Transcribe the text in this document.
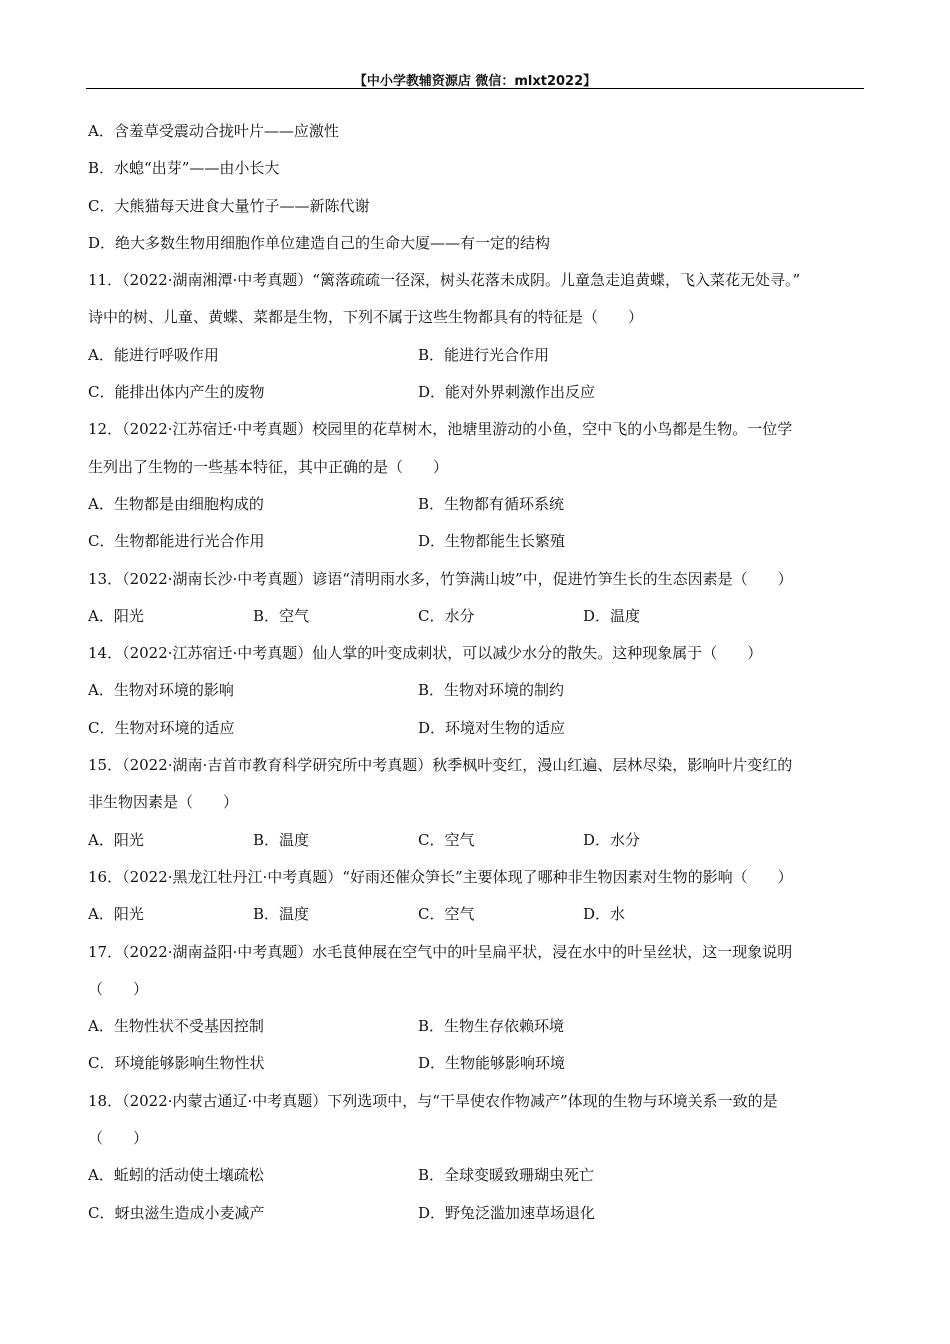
【中小学教辅资源店 微信：mlxt2022】
A．含羞草受震动合拢叶片——应激性
B．水螅“出芽”——由小长大
C．大熊猫每天进食大量竹子——新陈代谢
D．绝大多数生物用细胞作单位建造自己的生命大厦——有一定的结构
11．（2022·湖南湘潭·中考真题）“篱落疏疏一径深，树头花落未成阴。儿童急走追黄蝶，飞入菜花无处寻。”
诗中的树、儿童、黄蝶、菜都是生物，下列不属于这些生物都具有的特征是（　　）
A．能进行呼吸作用	B．能进行光合作用
C．能排出体内产生的废物	D．能对外界刺激作出反应
12．（2022·江苏宿迁·中考真题）校园里的花草树木，池塘里游动的小鱼，空中飞的小鸟都是生物。一位学
生列出了生物的一些基本特征，其中正确的是（　　）
A．生物都是由细胞构成的	B．生物都有循环系统
C．生物都能进行光合作用	D．生物都能生长繁殖
13．（2022·湖南长沙·中考真题）谚语“清明雨水多，竹笋满山坡”中，促进竹笋生长的生态因素是（　　）
A．阳光	B．空气	C．水分	D．温度
14．（2022·江苏宿迁·中考真题）仙人掌的叶变成刺状，可以减少水分的散失。这种现象属于（　　）
A．生物对环境的影响	B．生物对环境的制约
C．生物对环境的适应	D．环境对生物的适应
15．（2022·湖南·吉首市教育科学研究所中考真题）秋季枫叶变红，漫山红遍、层林尽染，影响叶片变红的
非生物因素是（　　）
A．阳光	B．温度	C．空气	D．水分
16．（2022·黑龙江牡丹江·中考真题）“好雨还催众笋长”主要体现了哪种非生物因素对生物的影响（　　）
A．阳光	B．温度	C．空气	D．水
17．（2022·湖南益阳·中考真题）水毛茛伸展在空气中的叶呈扁平状，浸在水中的叶呈丝状，这一现象说明
（　　）
A．生物性状不受基因控制	B．生物生存依赖环境
C．环境能够影响生物性状	D．生物能够影响环境
18．（2022·内蒙古通辽·中考真题）下列选项中，与“干旱使农作物减产”体现的生物与环境关系一致的是
（　　）
A．蚯蚓的活动使土壤疏松	B．全球变暖致珊瑚虫死亡
C．蚜虫滋生造成小麦减产	D．野兔泛滥加速草场退化
